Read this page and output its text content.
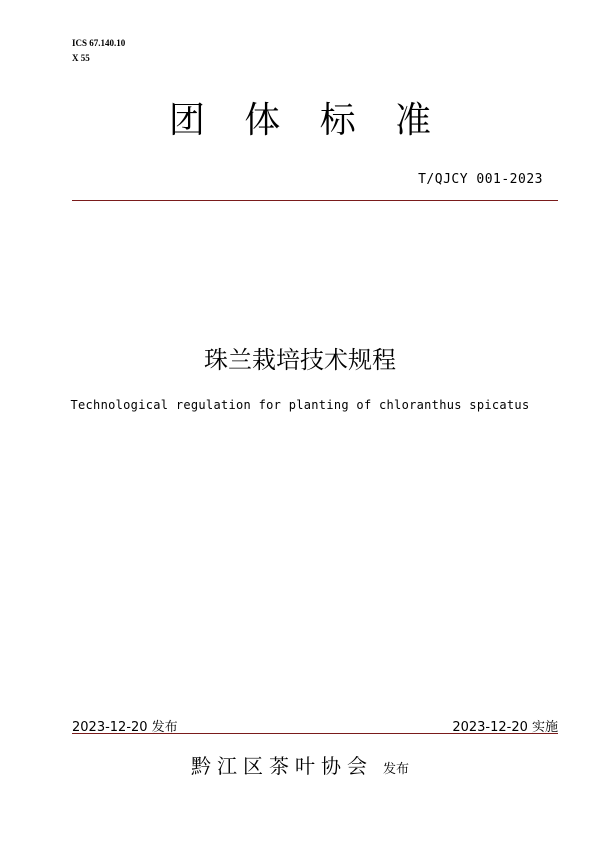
ICS 67.140.10
X 55
团 体 标 准
T/QJCY 001-2023
珠兰栽培技术规程
Technological regulation for planting of chloranthus spicatus
2023-12-20 发布	2023-12-20 实施
黔江区茶叶协会 发布
